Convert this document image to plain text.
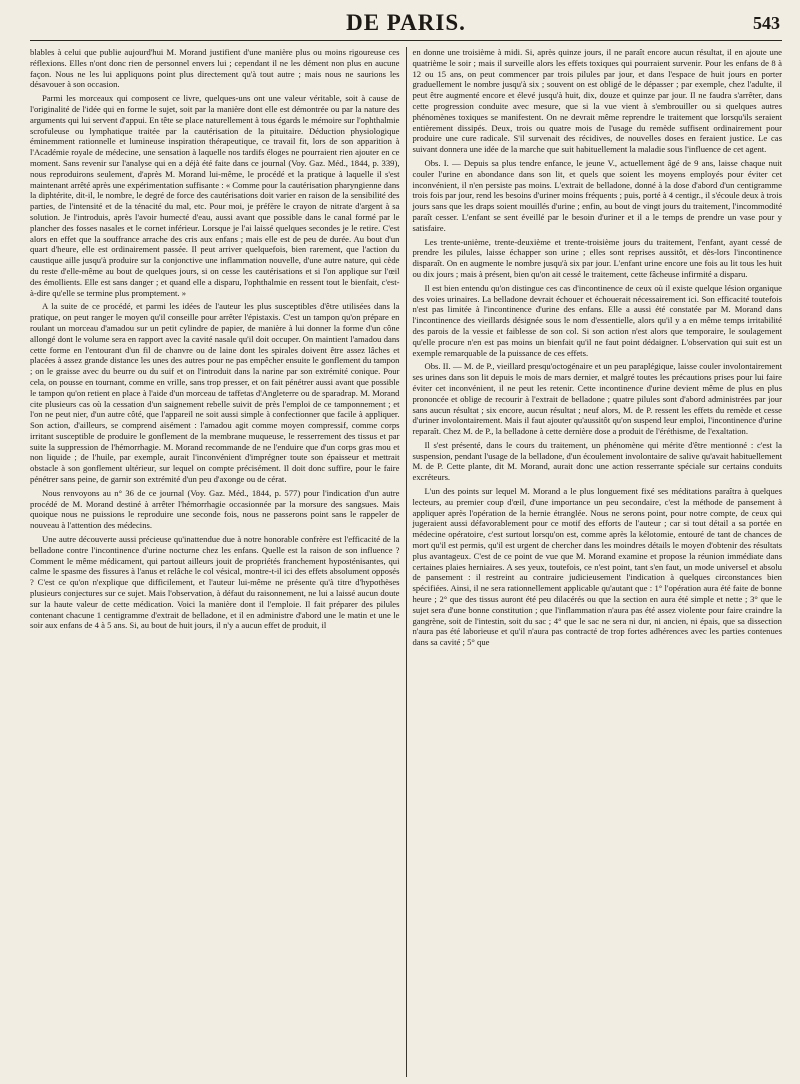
DE PARIS.	543

blables à celui que publie aujourd'hui M. Morand justifient d'une manière plus ou moins rigoureuse ces réflexions. Elles n'ont donc rien de personnel envers lui ; cependant il ne les dément non plus en aucune façon. Nous ne les lui appliquons point plus directement qu'à tout autre ; mais nous ne saurions les désavouer à son occasion.

Parmi les morceaux qui composent ce livre, quelques-uns ont une valeur véritable, soit à cause de l'originalité de l'idée qui en forme le sujet, soit par la manière dont elle est démontrée ou par la nature des arguments qui lui servent d'appui. En tête se place naturellement à tous égards le mémoire sur l'ophthalmie scrofuleuse ou lymphatique traitée par la cautérisation de la pituitaire. Déduction physiologique éminemment rationnelle et lumineuse inspiration thérapeutique, ce travail fit, lors de son apparition à l'Académie royale de médecine, une sensation à laquelle nos tardifs éloges ne pourraient rien ajouter en ce moment. Sans revenir sur l'analyse qui en a déjà été faite dans ce journal (Voy. Gaz. Méd., 1844, p. 339), nous reproduirons seulement, d'après M. Morand lui-même, le procédé et la pratique à laquelle il s'est maintenant arrêté après une expérimentation suffisante : « Comme pour la cautérisation pharyngienne dans la diphtérite, dit-il, le nombre, le degré de force des cautérisations doit varier en raison de la sensibilité des parties, de l'intensité et de la ténacité du mal, etc. Pour moi, je préfère le crayon de nitrate d'argent à sa solution. Je l'introduis, après l'avoir humecté d'eau, aussi avant que possible dans le canal formé par le plancher des fosses nasales et le cornet inférieur. Lorsque je l'ai laissé quelques secondes je le retire. C'est alors en effet que la souffrance arrache des cris aux enfans ; mais elle est de peu de durée. Au bout d'un quart d'heure, elle est ordinairement passée. Il peut arriver quelquefois, bien rarement, que l'action du caustique aille jusqu'à produire sur la conjonctive une inflammation nouvelle, d'une autre nature, qui cède du reste d'elle-même au bout de quelques jours, si on cesse les cautérisations et si l'on applique sur l'œil des émollients. Elle est sans danger ; et quand elle a disparu, l'ophthalmie en ressent tout le bienfait, c'est-à-dire qu'elle se termine plus promptement. »

A la suite de ce procédé, et parmi les idées de l'auteur les plus susceptibles d'être utilisées dans la pratique, on peut ranger le moyen qu'il conseille pour arrêter l'épistaxis. C'est un tampon qu'on prépare en roulant un morceau d'amadou sur un petit cylindre de papier, de manière à lui donner la forme d'un cône allongé dont le volume sera en rapport avec la cavité nasale qu'il doit occuper. On maintient l'amadou dans cette forme en l'entourant d'un fil de chanvre ou de laine dont les spirales doivent être assez lâches et placées à assez grande distance les unes des autres pour ne pas empêcher ensuite le gonflement du tampon ; on le graisse avec du beurre ou du suif et on l'introduit dans la narine par son extrémité conique. Pour cela, on pousse en tournant, comme en vrille, sans trop presser, et on fait pénétrer aussi avant que possible le tampon qu'on retient en place à l'aide d'un morceau de taffetas d'Angleterre ou de sparadrap. M. Morand cite plusieurs cas où la cessation d'un saignement rebelle suivit de près l'emploi de ce tamponnement ; et l'on ne peut nier, d'un autre côté, que l'appareil ne soit aussi simple à confectionner que facile à appliquer. Son action, d'ailleurs, se comprend aisément : l'amadou agit comme moyen compressif, comme corps irritant susceptible de produire le gonflement de la membrane muqueuse, le resserrement des tissus et par suite la suppression de l'hémorrhagie. M. Morand recommande de ne l'enduire que d'un corps gras mou et non liquide ; de l'huile, par exemple, aurait l'inconvénient d'imprégner toute son épaisseur et mettrait obstacle à son gonflement ultérieur, sur lequel on compte précisément. Il doit donc suffire, pour le faire pénétrer sans peine, de garnir son extrémité d'un peu d'axonge ou de cérat.

Nous renvoyons au n° 36 de ce journal (Voy. Gaz. Méd., 1844, p. 577) pour l'indication d'un autre procédé de M. Morand destiné à arrêter l'hémorrhagie occasionnée par la morsure des sangsues. Mais quoique nous ne puissions le reproduire une seconde fois, nous ne passerons point sans le rappeler de nouveau à l'attention des médecins.

Une autre découverte aussi précieuse qu'inattendue due à notre honorable confrère est l'efficacité de la belladone contre l'incontinence d'urine nocturne chez les enfans. Quelle est la raison de son influence ? Comment le même médicament, qui partout ailleurs jouit de propriétés franchement hyposténisantes, qui calme le spasme des fissures à l'anus et relâche le col vésical, montre-t-il ici des effets absolument opposés ? C'est ce qu'on n'explique que difficilement, et l'auteur lui-même ne présente qu'à titre d'hypothèses plusieurs conjectures sur ce sujet. Mais l'observation, à défaut du raisonnement, ne lui a laissé aucun doute sur la haute valeur de cette médication. Voici la manière dont il l'emploie. Il fait préparer des pilules contenant chacune 1 centigramme d'extrait de belladone, et il en administre d'abord une le matin et une le soir aux enfans de 4 à 5 ans. Si, au bout de huit jours, il n'y a aucun effet de produit, il

en donne une troisième à midi. Si, après quinze jours, il ne paraît encore aucun résultat, il en ajoute une quatrième le soir ; mais il surveille alors les effets toxiques qui pourraient survenir. Pour les enfans de 8 à 12 ou 15 ans, on peut commencer par trois pilules par jour, et dans l'espace de huit jours en porter graduellement le nombre jusqu'à six ; souvent on est obligé de le dépasser ; par exemple, chez l'adulte, il peut être augmenté encore et élevé jusqu'à huit, dix, douze et quinze par jour. Il ne faudra s'arrêter, dans cette progression conduite avec mesure, que si la vue vient à s'embrouiller ou si quelques autres phénomènes toxiques se manifestent. On ne devrait même reprendre le traitement que lorsqu'ils seraient entièrement dissipés. Deux, trois ou quatre mois de l'usage du remède suffisent ordinairement pour produire une cure radicale. S'il survenait des récidives, de nouvelles doses en feraient justice. Le cas suivant donnera une idée de la marche que suit habituellement la maladie sous l'influence de cet agent.

Obs. I. — Depuis sa plus tendre enfance, le jeune V., actuellement âgé de 9 ans, laisse chaque nuit couler l'urine en abondance dans son lit, et quels que soient les moyens employés pour éviter cet inconvénient, il n'en persiste pas moins. L'extrait de belladone, donné à la dose d'abord d'un centigramme trois fois par jour, rend les besoins d'uriner moins fréquents ; puis, porté à 4 centigr., il s'écoule deux à trois jours sans que les draps soient mouillés d'urine ; enfin, au bout de vingt jours du traitement, l'incommodité paraît cesser. L'enfant se sent éveillé par le besoin d'uriner et il a le temps de prendre un vase pour y satisfaire.

Les trente-unième, trente-deuxième et trente-troisième jours du traitement, l'enfant, ayant cessé de prendre les pilules, laisse échapper son urine ; elles sont reprises aussitôt, et dès-lors l'incontinence disparaît. On en augmente le nombre jusqu'à six par jour. L'enfant urine encore une fois au lit tous les huit ou dix jours ; mais à présent, bien qu'on ait cessé le traitement, cette fâcheuse infirmité a disparu.

Il est bien entendu qu'on distingue ces cas d'incontinence de ceux où il existe quelque lésion organique des voies urinaires. La belladone devrait échouer et échouerait nécessairement ici. Son efficacité toutefois n'est pas limitée à l'incontinence d'urine des enfans. Elle a aussi été constatée par M. Morand dans l'incontinence des vieillards désignée sous le nom d'essentielle, alors qu'il y a en même temps irritabilité des parois de la vessie et faiblesse de son col. Si son action n'est alors que temporaire, le soulagement qu'elle procure n'en est pas moins un bienfait qu'il ne faut point dédaigner. L'observation qui suit est un exemple remarquable de la puissance de ces effets.

Obs. II. — M. de P., vieillard presqu'octogénaire et un peu paraplégique, laisse couler involontairement ses urines dans son lit depuis le mois de mars dernier, et malgré toutes les précautions prises pour lui faire éviter cet inconvénient, il ne peut les retenir. Cette incontinence d'urine devient même de plus en plus prononcée et oblige de recourir à l'extrait de belladone ; quatre pilules sont d'abord administrées par jour sans aucun résultat ; six encore, aucun résultat ; neuf alors, M. de P. ressent les effets du remède et cesse d'uriner involontairement. Mais il faut ajouter qu'aussitôt qu'on suspend leur emploi, l'incontinence d'urine reparaît. Chez M. de P., la belladone à cette dernière dose a produit de l'éréthisme, de l'exaltation.

Il s'est présenté, dans le cours du traitement, un phénomène qui mérite d'être mentionné : c'est la suspension, pendant l'usage de la belladone, d'un écoulement involontaire de salive qu'avait habituellement M. de P. Cette plante, dit M. Morand, aurait donc une action resserrante spéciale sur certains conduits excréteurs.

L'un des points sur lequel M. Morand a le plus longuement fixé ses méditations paraîtra à quelques lecteurs, au premier coup d'œil, d'une importance un peu secondaire, c'est la méthode de pansement à appliquer après l'opération de la hernie étranglée. Nous ne serons point, pour notre compte, de ceux qui jugeraient aussi défavorablement pour ce motif des efforts de l'auteur ; car si tout détail a sa portée en médecine opératoire, c'est surtout lorsqu'on est, comme après la kélotomie, entouré de tant de chances de mort qu'il est permis, qu'il est urgent de chercher dans les moindres détails le moyen d'obtenir des résultats plus avantageux. C'est de ce point de vue que M. Morand examine et propose la réunion immédiate dans certaines plaies herniaires. A ses yeux, toutefois, ce n'est point, tant s'en faut, un mode universel et absolu de pansement : il restreint au contraire judicieusement l'indication à quelques circonstances bien spécifiées. Ainsi, il ne sera rationnellement applicable qu'autant que : 1° l'opération aura été faite de bonne heure ; 2° que des tissus auront été peu dilacérés ou que la section en aura été simple et nette ; 3° que le sujet sera d'une bonne constitution ; que l'inflammation n'aura pas été assez violente pour faire craindre la gangrène, soit de l'intestin, soit du sac ; 4° que le sac ne sera ni dur, ni ancien, ni épais, que sa dissection n'aura pas été laborieuse et qu'il n'aura pas contracté de trop fortes adhérences avec les parties contenues dans sa cavité ; 5° que
